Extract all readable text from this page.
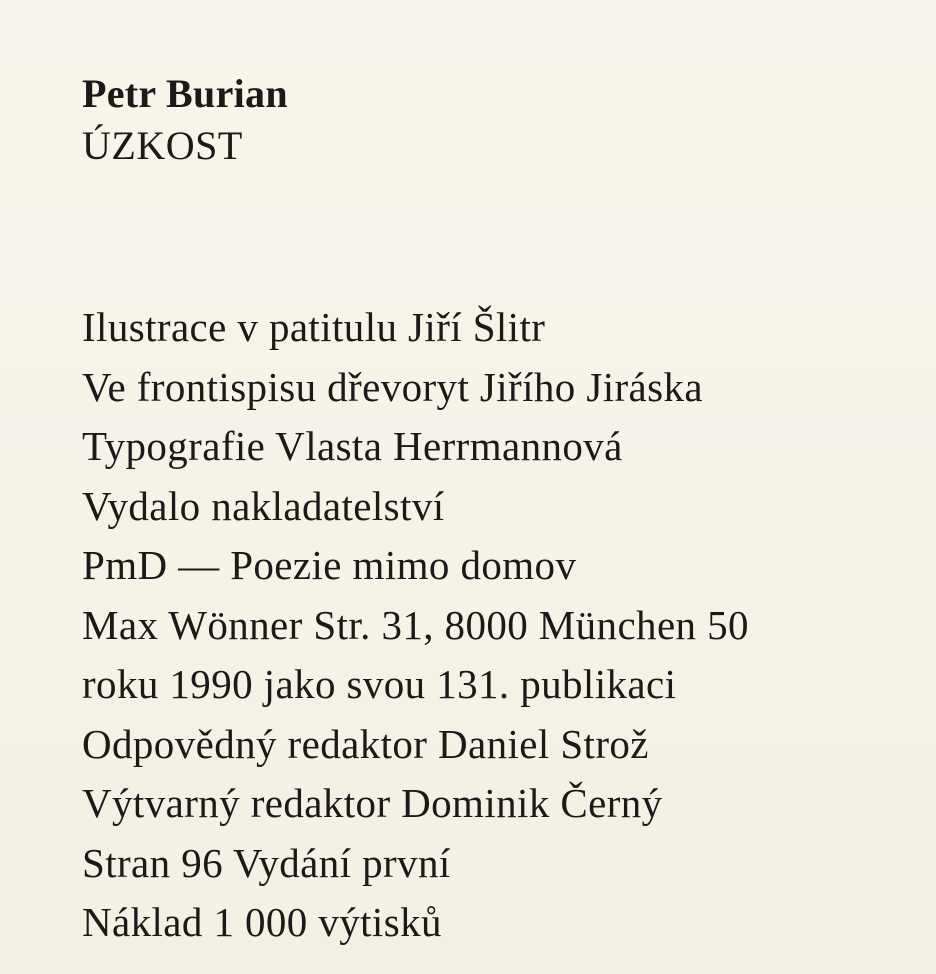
Petr Burian
ÚZKOST
Ilustrace v patitulu Jiří Šlitr
Ve frontispisu dřevoryt Jiřího Jiráska
Typografie Vlasta Herrmannová
Vydalo nakladatelství
PmD — Poezie mimo domov
Max Wönner Str. 31, 8000 München 50
roku 1990 jako svou 131. publikaci
Odpovědný redaktor Daniel Strož
Výtvarný redaktor Dominik Černý
Stran 96 Vydání první
Náklad 1 000 výtisků
